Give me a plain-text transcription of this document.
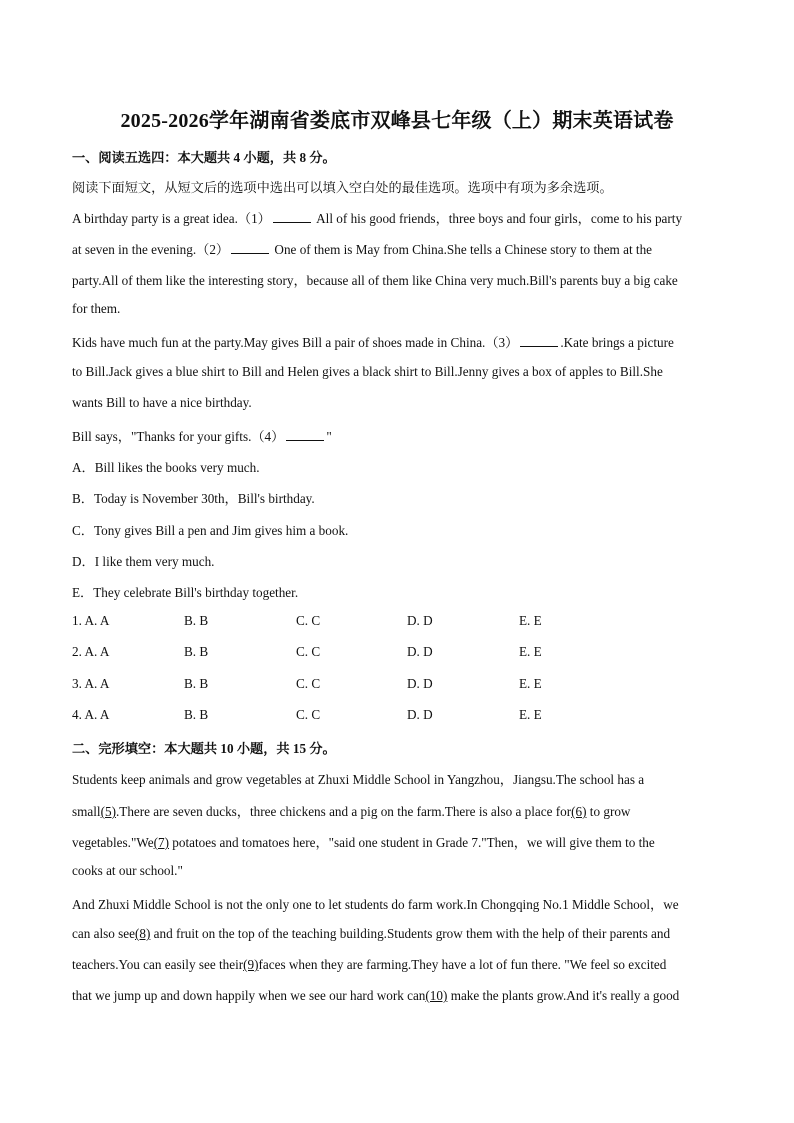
2025-2026学年湖南省娄底市双峰县七年级（上）期末英语试卷
一、阅读五选四：本大题共 4 小题，共 8 分。
阅读下面短文，从短文后的选项中选出可以填入空白处的最佳选项。选项中有项为多余选项。
A birthday party is a great idea.（1）	All of his good friends，three boys and four girls，come to his party
at seven in the evening.（2）	One of them is May from China.She tells a Chinese story to them at the
party.All of them like the interesting story，because all of them like China very much.Bill's parents buy a big cake
for them.
Kids have much fun at the party.May gives Bill a pair of shoes made in China.（3）	.Kate brings a picture
to Bill.Jack gives a blue shirt to Bill and Helen gives a black shirt to Bill.Jenny gives a box of apples to Bill.She
wants Bill to have a nice birthday.
Bill says，"Thanks for your gifts.（4）	"
A．Bill likes the books very much.
B．Today is November 30th，Bill's birthday.
C．Tony gives Bill a pen and Jim gives him a book.
D．I like them very much.
E．They celebrate Bill's birthday together.
1. A. A	B. B	C. C	D. D	E. E
2. A. A	B. B	C. C	D. D	E. E
3. A. A	B. B	C. C	D. D	E. E
4. A. A	B. B	C. C	D. D	E. E
二、完形填空：本大题共 10 小题，共 15 分。
Students keep animals and grow vegetables at Zhuxi Middle School in Yangzhou，Jiangsu.The school has a
small(5).There are seven ducks，three chickens and a pig on the farm.There is also a place for(6) to grow
vegetables."We(7) potatoes and tomatoes here，"said one student in Grade 7."Then，we will give them to the
cooks at our school."
And Zhuxi Middle School is not the only one to let students do farm work.In Chongqing No.1 Middle School，we
can also see(8) and fruit on the top of the teaching building.Students grow them with the help of their parents and
teachers.You can easily see their(9)faces when they are farming.They have a lot of fun there. "We feel so excited
that we jump up and down happily when we see our hard work can(10) make the plants grow.And it's really a good
